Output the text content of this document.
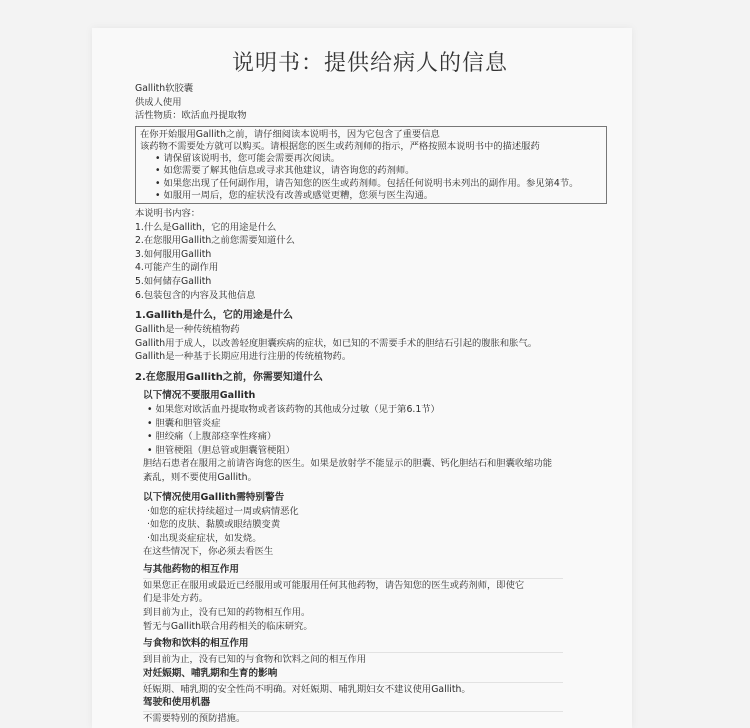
说明书：提供给病人的信息
Gallith软胶囊
供成人使用
活性物质：欧活血丹提取物
在你开始服用Gallith之前，请仔细阅读本说明书，因为它包含了重要信息
该药物不需要处方就可以购买。请根据您的医生或药剂师的指示，严格按照本说明书中的描述服药
• 请保留该说明书，您可能会需要再次阅读。
• 如您需要了解其他信息或寻求其他建议，请咨询您的药剂师。
• 如果您出现了任何副作用，请告知您的医生或药剂师。包括任何说明书未列出的副作用。参见第4节。
• 如服用一周后，您的症状没有改善或感觉更糟，您须与医生沟通。
本说明书内容：
1.什么是Gallith，它的用途是什么
2.在您服用Gallith之前您需要知道什么
3.如何服用Gallith
4.可能产生的副作用
5.如何储存Gallith
6.包装包含的内容及其他信息
1.Gallith是什么，它的用途是什么
Gallith是一种传统植物药
Gallith用于成人，以改善轻度胆囊疾病的症状，如已知的不需要手术的胆结石引起的腹胀和胀气。
Gallith是一种基于长期应用进行注册的传统植物药。
2.在您服用Gallith之前，你需要知道什么
以下情况不要服用Gallith
• 如果您对欧活血丹提取物或者该药物的其他成分过敏（见于第6.1节）
• 胆囊和胆管炎症
• 胆绞痛（上腹部痉挛性疼痛）
• 胆管梗阻（胆总管或胆囊管梗阻）
胆结石患者在服用之前请咨询您的医生。如果是放射学不能显示的胆囊、钙化胆结石和胆囊收缩功能
紊乱，则不要使用Gallith。
以下情况使用Gallith需特别警告
·如您的症状持续超过一周或病情恶化
·如您的皮肤、黏膜或眼结膜变黄
·如出现炎症症状，如发烧。
在这些情况下，你必须去看医生
与其他药物的相互作用
如果您正在服用或最近已经服用或可能服用任何其他药物，请告知您的医生或药剂师，即使它
们是非处方药。
到目前为止，没有已知的药物相互作用。
暂无与Gallith联合用药相关的临床研究。
与食物和饮料的相互作用
到目前为止，没有已知的与食物和饮料之间的相互作用
对妊娠期、哺乳期和生育的影响
妊娠期、哺乳期的安全性尚不明确。对妊娠期、哺乳期妇女不建议使用Gallith。
驾驶和使用机器
不需要特别的预防措施。
